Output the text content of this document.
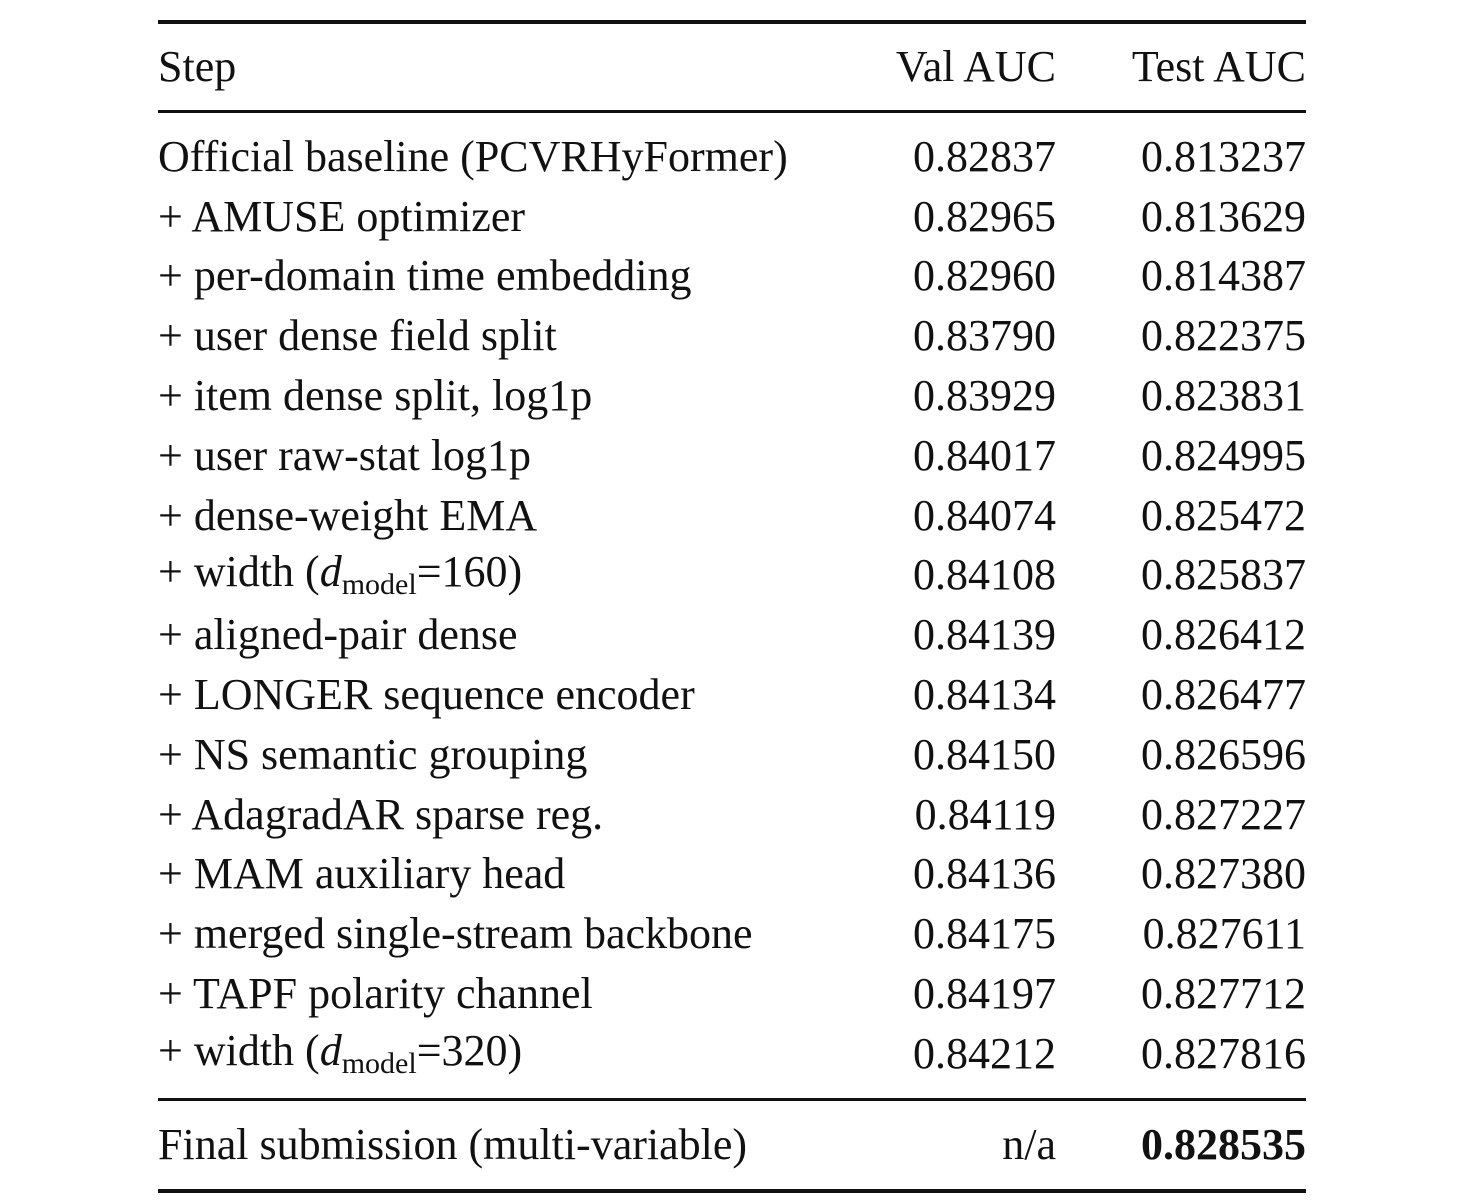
Step	Val AUC	Test AUC
Official baseline (PCVRHyFormer)	0.82837	0.813237
+ AMUSE optimizer	0.82965	0.813629
+ per-domain time embedding	0.82960	0.814387
+ user dense field split	0.83790	0.822375
+ item dense split, log1p	0.83929	0.823831
+ user raw-stat log1p	0.84017	0.824995
+ dense-weight EMA	0.84074	0.825472
+ width $(d_{model}=160)$	0.84108	0.825837
+ aligned-pair dense	0.84139	0.826412
+ LONGER sequence encoder	0.84134	0.826477
+ NS semantic grouping	0.84150	0.826596
+ AdagradAR sparse reg.	0.84119	0.827227
+ MAM auxiliary head	0.84136	0.827380
+ merged single-stream backbone	0.84175	0.827611
+ TAPF polarity channel	0.84197	0.827712
+ width $(d_{model}=320)$	0.84212	0.827816
Final submission (multi-variable)	n/a	0.828535
